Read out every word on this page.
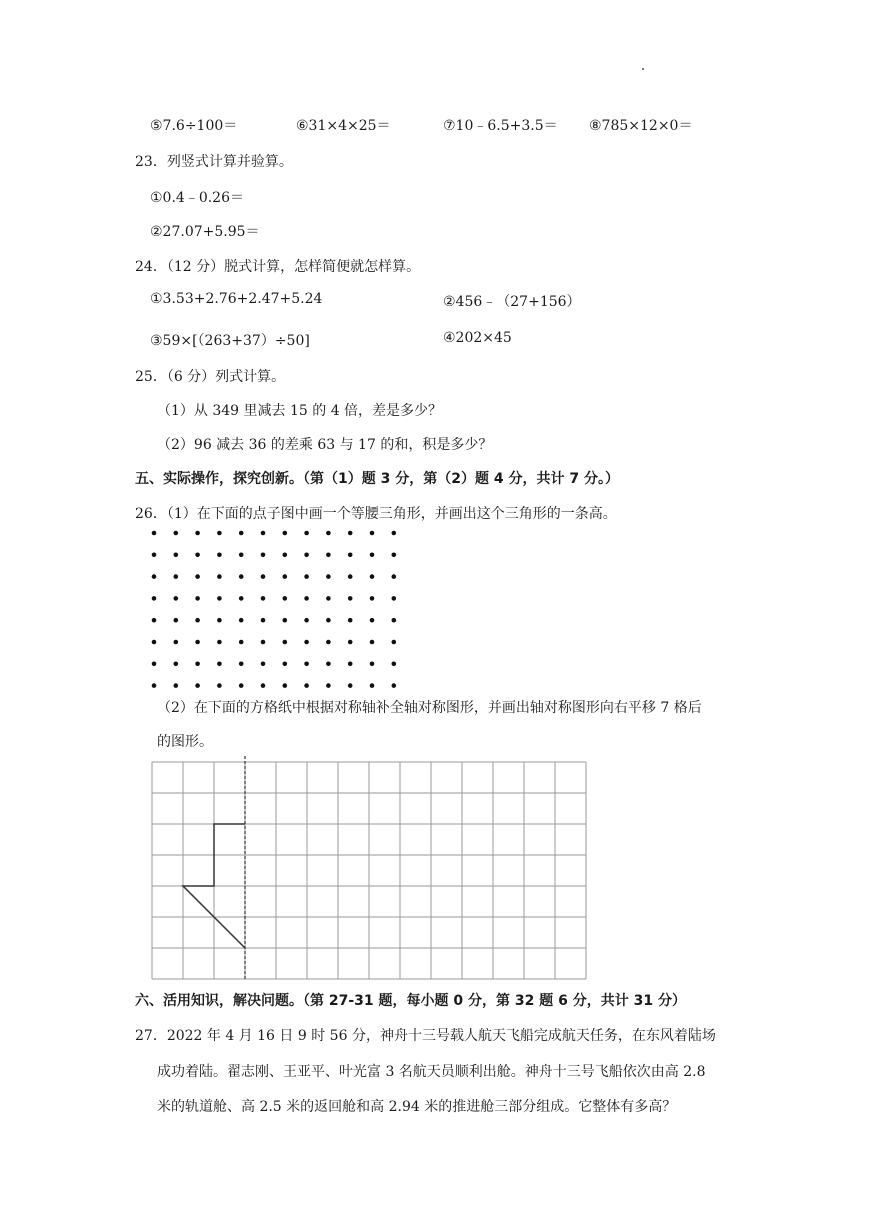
⑤7.6÷100＝	⑥31×4×25＝	⑦10﹣6.5+3.5＝ ⑧785×12×0＝
23．列竖式计算并验算。
①0.4﹣0.26＝
②27.07+5.95＝
24．（12 分）脱式计算，怎样简便就怎样算。
①3.53+2.76+2.47+5.24	②456﹣（27+156）
③59×[（263+37）÷50]	④202×45
25．（6 分）列式计算。
（1）从 349 里减去 15 的 4 倍，差是多少？
（2）96 减去 36 的差乘 63 与 17 的和，积是多少？
五、实际操作，探究创新。（第（1）题 3 分，第（2）题 4 分，共计 7 分。）
26．（1）在下面的点子图中画一个等腰三角形，并画出这个三角形的一条高。
（2）在下面的方格纸中根据对称轴补全轴对称图形，并画出轴对称图形向右平移 7 格后
的图形。
六、活用知识，解决问题。（第 27-31 题，每小题 0 分，第 32 题 6 分，共计 31 分）
27．2022 年 4 月 16 日 9 时 56 分，神舟十三号载人航天飞船完成航天任务，在东风着陆场
成功着陆。翟志刚、王亚平、叶光富 3 名航天员顺利出舱。神舟十三号飞船依次由高 2.8
米的轨道舱、高 2.5 米的返回舱和高 2.94 米的推进舱三部分组成。它整体有多高？
